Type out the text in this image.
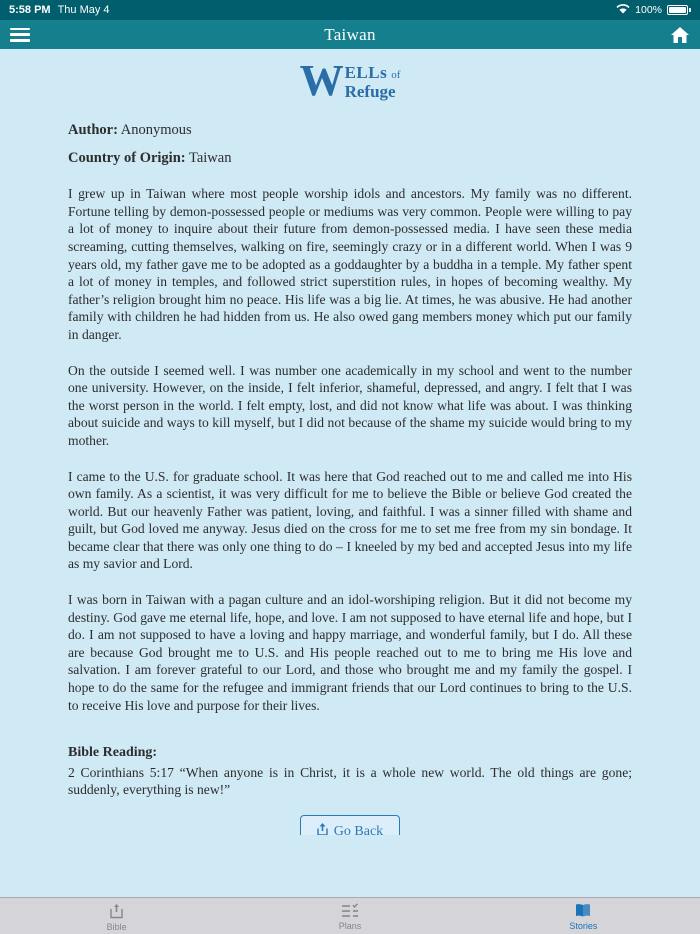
5:58 PM Thu May 4	100%
Taiwan
W ELLs of
Refuge

Author: Anonymous

Country of Origin: Taiwan

I grew up in Taiwan where most people worship idols and ancestors. My family was no different. Fortune telling by demon-possessed people or mediums was very common. People were willing to pay a lot of money to inquire about their future from demon-possessed media. I have seen these media screaming, cutting themselves, walking on fire, seemingly crazy or in a different world. When I was 9 years old, my father gave me to be adopted as a goddaughter by a buddha in a temple. My father spent a lot of money in temples, and followed strict superstition rules, in hopes of becoming wealthy. My father’s religion brought him no peace. His life was a big lie. At times, he was abusive. He had another family with children he had hidden from us. He also owed gang members money which put our family in danger.

On the outside I seemed well. I was number one academically in my school and went to the number one university. However, on the inside, I felt inferior, shameful, depressed, and angry. I felt that I was the worst person in the world. I felt empty, lost, and did not know what life was about. I was thinking about suicide and ways to kill myself, but I did not because of the shame my suicide would bring to my mother.

I came to the U.S. for graduate school. It was here that God reached out to me and called me into His own family. As a scientist, it was very difficult for me to believe the Bible or believe God created the world. But our heavenly Father was patient, loving, and faithful. I was a sinner filled with shame and guilt, but God loved me anyway. Jesus died on the cross for me to set me free from my sin bondage. It became clear that there was only one thing to do – I kneeled by my bed and accepted Jesus into my life as my savior and Lord.

I was born in Taiwan with a pagan culture and an idol-worshiping religion. But it did not become my destiny. God gave me eternal life, hope, and love. I am not supposed to have eternal life and hope, but I do. I am not supposed to have a loving and happy marriage, and wonderful family, but I do. All these are because God brought me to U.S. and His people reached out to me to bring me His love and salvation. I am forever grateful to our Lord, and those who brought me and my family the gospel. I hope to do the same for the refugee and immigrant friends that our Lord continues to bring to the U.S. to receive His love and purpose for their lives.

Bible Reading:

2 Corinthians 5:17 “When anyone is in Christ, it is a whole new world. The old things are gone; suddenly, everything is new!”

Go Back
Bible	Plans	Stories
